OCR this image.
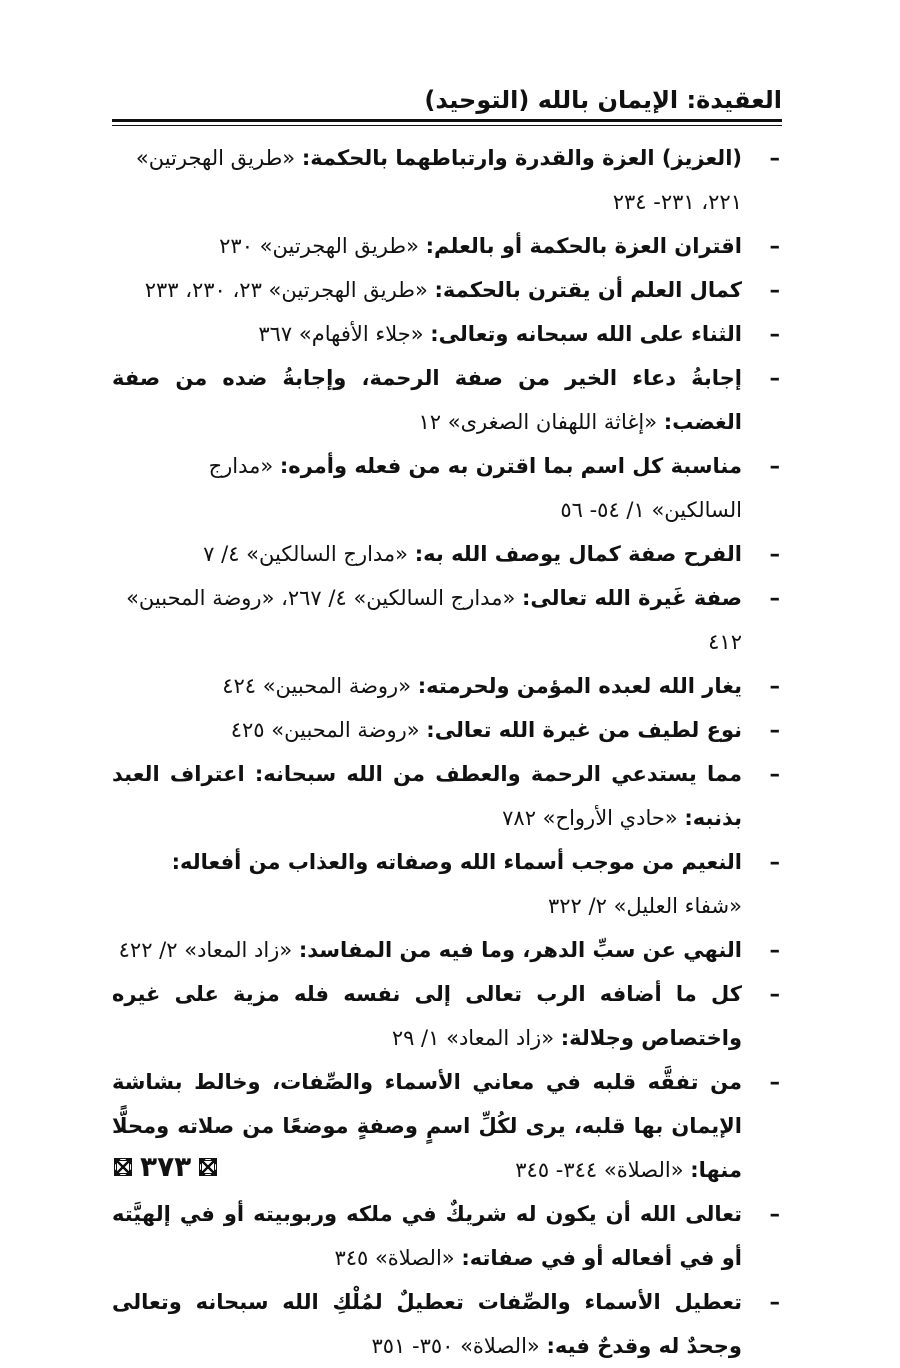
العقيدة: الإيمان بالله (التوحيد)
–
(العزيز) العزة والقدرة وارتباطهما بالحكمة: «طريق الهجرتين» ٢٢١، ٢٣١- ٢٣٤
–
اقتران العزة بالحكمة أو بالعلم: «طريق الهجرتين» ٢٣٠
–
كمال العلم أن يقترن بالحكمة: «طريق الهجرتين» ٢٣، ٢٣٠، ٢٣٣
–
الثناء على الله سبحانه وتعالى: «جلاء الأفهام» ٣٦٧
–
إجابةُ دعاء الخير من صفة الرحمة، وإجابةُ ضده من صفة الغضب: «إغاثة اللهفان الصغرى» ١٢
–
مناسبة كل اسم بما اقترن به من فعله وأمره: «مدارج السالكين» ١/ ٥٤- ٥٦
–
الفرح صفة كمال يوصف الله به: «مدارج السالكين» ٤/ ٧
–
صفة غَيرة الله تعالى: «مدارج السالكين» ٤/ ٢٦٧، «روضة المحبين» ٤١٢
–
يغار الله لعبده المؤمن ولحرمته: «روضة المحبين» ٤٢٤
–
نوع لطيف من غيرة الله تعالى: «روضة المحبين» ٤٢٥
–
مما يستدعي الرحمة والعطف من الله سبحانه: اعتراف العبد بذنبه: «حادي الأرواح» ٧٨٢
–
النعيم من موجب أسماء الله وصفاته والعذاب من أفعاله: «شفاء العليل» ٢/ ٣٢٢
–
النهي عن سبِّ الدهر، وما فيه من المفاسد: «زاد المعاد» ٢/ ٤٢٢
–
كل ما أضافه الرب تعالى إلى نفسه فله مزية على غيره واختصاص وجلالة: «زاد المعاد» ١/ ٢٩
–
من تفقَّه قلبه في معاني الأسماء والصِّفات، وخالط بشاشة الإيمان بها قلبه، يرى لكُلِّ اسمٍ وصفةٍ موضعًا من صلاته ومحلًّا منها: «الصلاة» ٣٤٤- ٣٤٥
–
تعالى الله أن يكون له شريكٌ في ملكه وربوبيته أو في إلهيَّته أو في أفعاله أو في صفاته: «الصلاة» ٣٤٥
–
تعطيل الأسماء والصِّفات تعطيلٌ لمُلْكِ الله سبحانه وتعالى وجحدٌ له وقدحٌ فيه: «الصلاة» ٣٥٠- ٣٥١
٣٧٣
